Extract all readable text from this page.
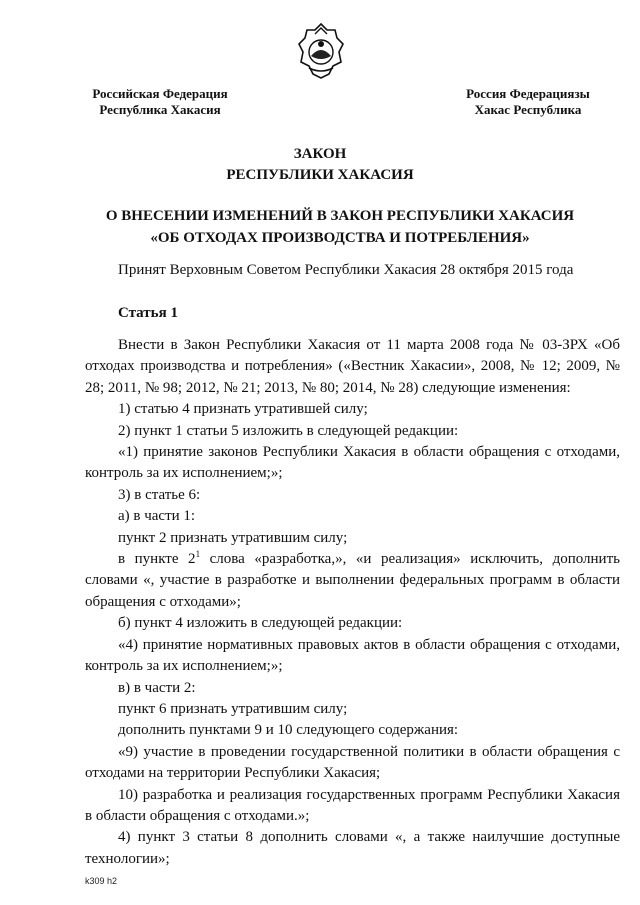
Российская Федерация
Республика Хакасия
Россия Федерациязы
Хакас Республика
ЗАКОН
РЕСПУБЛИКИ ХАКАСИЯ
О ВНЕСЕНИИ ИЗМЕНЕНИЙ В ЗАКОН РЕСПУБЛИКИ ХАКАСИЯ
«ОБ ОТХОДАХ ПРОИЗВОДСТВА И ПОТРЕБЛЕНИЯ»
Принят Верховным Советом Республики Хакасия 28 октября 2015 года
Статья 1

Внести в Закон Республики Хакасия от 11 марта 2008 года № 03-ЗРХ «Об отходах производства и потребления» («Вестник Хакасии», 2008, № 12; 2009, № 28; 2011, № 98; 2012, № 21; 2013, № 80; 2014, № 28) следующие изменения:

1) статью 4 признать утратившей силу;

2) пункт 1 статьи 5 изложить в следующей редакции:

«1) принятие законов Республики Хакасия в области обращения с отходами, контроль за их исполнением;»;

3) в статье 6:

а) в части 1:

пункт 2 признать утратившим силу;

в пункте $2^1$ слова «разработка,», «и реализация» исключить, дополнить словами «, участие в разработке и выполнении федеральных программ в области обращения с отходами»;

б) пункт 4 изложить в следующей редакции:

«4) принятие нормативных правовых актов в области обращения с отходами, контроль за их исполнением;»;

в) в части 2:

пункт 6 признать утратившим силу;

дополнить пунктами 9 и 10 следующего содержания:

«9) участие в проведении государственной политики в области обращения с отходами на территории Республики Хакасия;

10) разработка и реализация государственных программ Республики Хакасия в области обращения с отходами.»;

4) пункт 3 статьи 8 дополнить словами «, а также наилучшие доступные технологии»;

k309 h2
